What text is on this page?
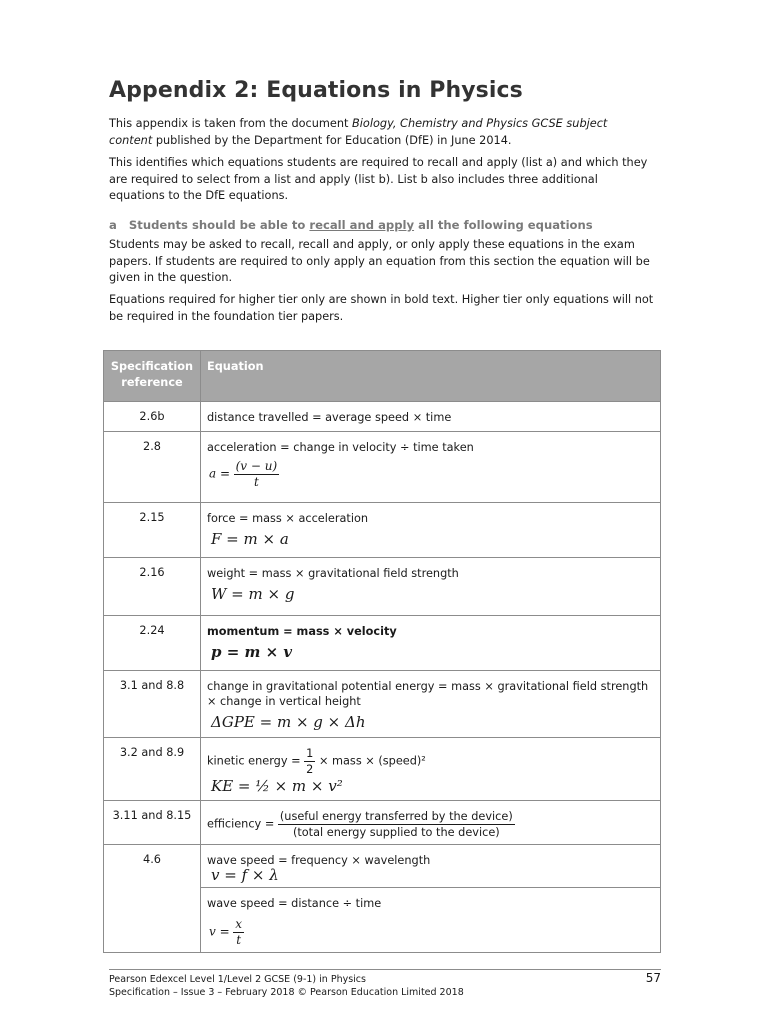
Appendix 2: Equations in Physics

This appendix is taken from the document Biology, Chemistry and Physics GCSE subject content published by the Department for Education (DfE) in June 2014.

This identifies which equations students are required to recall and apply (list a) and which they are required to select from a list and apply (list b). List b also includes three additional equations to the DfE equations.

a   Students should be able to recall and apply all the following equations

Students may be asked to recall, recall and apply, or only apply these equations in the exam papers. If students are required to only apply an equation from this section the equation will be given in the question.

Equations required for higher tier only are shown in bold text. Higher tier only equations will not be required in the foundation tier papers.

Specification reference	Equation
2.6b	distance travelled = average speed × time
2.8	acceleration = change in velocity ÷ time taken
$a = \frac{(v - u)}{t}$

2.15	force = mass × acceleration
F = m × a

2.16	weight = mass × gravitational field strength
W = m × g

2.24	momentum = mass × velocity
p = m × v

3.1 and 8.8	change in gravitational potential energy = mass × gravitational field strength × change in vertical height
ΔGPE = m × g × Δh

3.2 and 8.9	kinetic energy = $\frac{1}{2}$ × mass × (speed)²
KE = ½ × m × v²

3.11 and 8.15	efficiency = $\frac{\text{(useful energy transferred by the device)}}{\text{(total energy supplied to the device)}}$

4.6	wave speed = frequency × wavelength
v = f × λ

	wave speed = distance ÷ time
$v = \frac{x}{t}$
Pearson Edexcel Level 1/Level 2 GCSE (9-1) in Physics
Specification – Issue 3 – February 2018 © Pearson Education Limited 2018
57
